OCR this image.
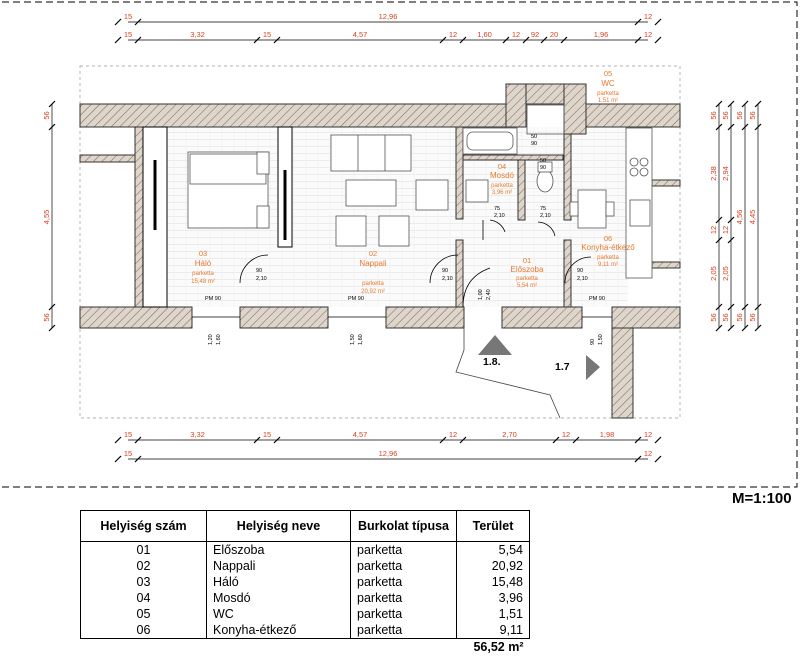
1.8.	1.7
03
Háló
parketta
15,48 m²
02
Nappali
parketta
20,92 m²
04
Mosdó
parketta
3,96 m²
05
WC
parketta
1,51 m²
01
Előszoba
parketta
5,54 m²
06
Konyha-étkező
parketta
9,11 m²
90
2,10
90
2,10
90
2,10
75
2,10
75
2,10
1,00 2,40
50
90
50
90
PM 90	PM 90	PM 90
1,20 1,60	1,50 1,60	90 1,50
15	12,96	12
15	3,32	15	4,57	12	1,60	12 92 20	1,96	12
15	3,32	15	4,57	12	2,70	12	1,98	12
15	12,96	12
56
4,55
56
56
2,38
12
2,05
56
56
2,94
12
2,05
56
56
4,56
56
56
4,45
56
M=1:100
Helyiség szám	Helyiség neve	Burkolat típusa	Terület
01	Előszoba	parketta	5,54
02	Nappali	parketta	20,92
03	Háló	parketta	15,48
04	Mosdó	parketta	3,96
05	WC	parketta	1,51
06	Konyha-étkező	parketta	9,11
			56,52 m²
